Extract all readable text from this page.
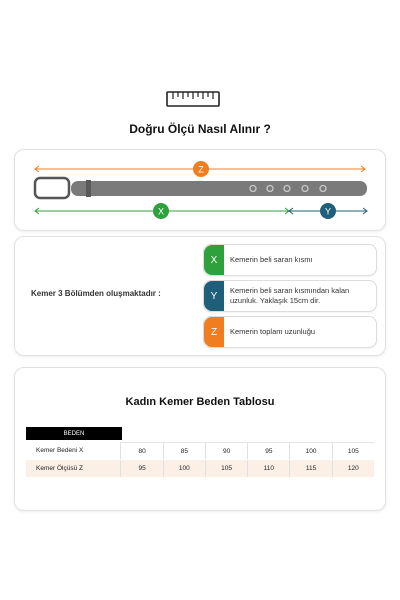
Doğru Ölçü Nasıl Alınır ?
Z
X	Y
Kemer 3 Bölümden oluşmaktadır :
X	Kemerin beli saran kısmı
Y	Kemerin beli saran kısmından kalan uzunluk. Yaklaşık 15cm dir.
Z	Kemerin toplam uzunluğu
Kadın Kemer Beden Tablosu
BEDEN
Kemer Bedeni X	80	85	90	95	100	105
Kemer Ölçüsü Z	95	100	105	110	115	120
